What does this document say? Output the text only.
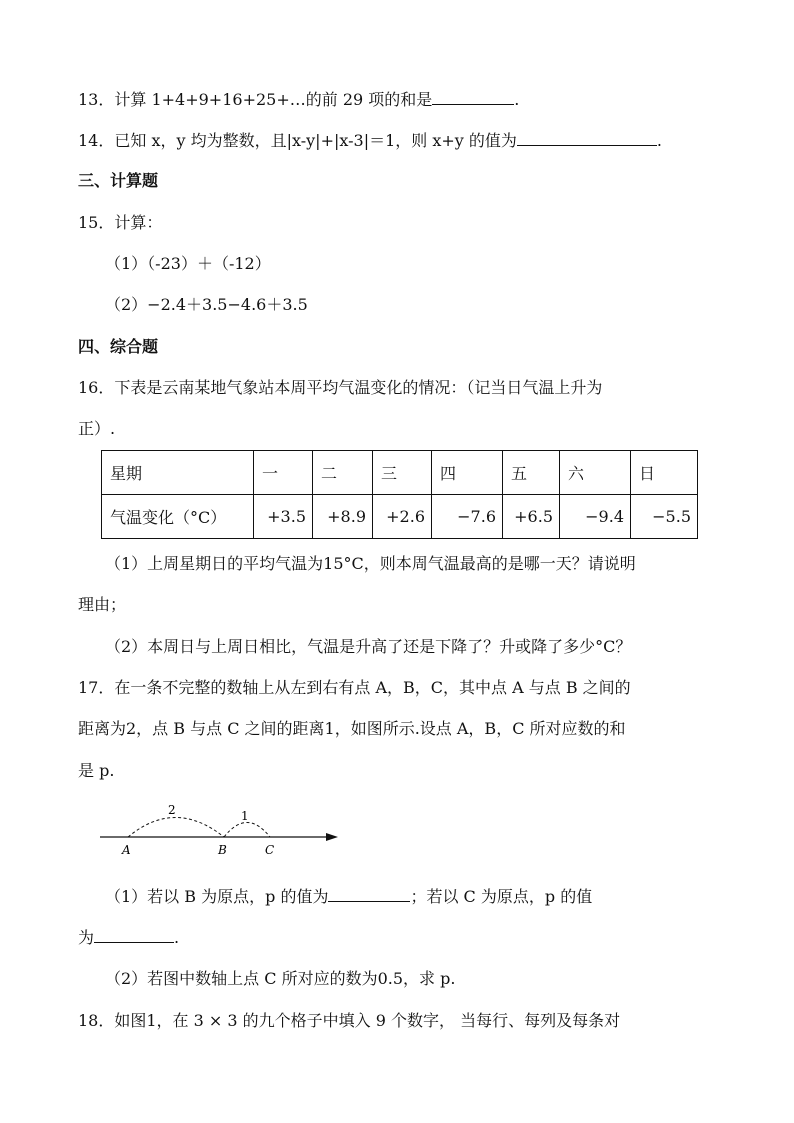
13．计算 1+4+9+16+25+…的前 29 项的和是	.
14．已知 x，y 均为整数，且|x-y|+|x-3|＝1，则 x+y 的值为	.
三、计算题
15．计算：
（1）（-23）＋（-12）
（2）−2.4＋3.5−4.6＋3.5
四、综合题
16．下表是云南某地气象站本周平均气温变化的情况：（记当日气温上升为
正）.
星期	一	二	三	四	五	六	日
气温变化（°C）	+3.5	+8.9	+2.6	−7.6	+6.5	−9.4	−5.5
（1）上周星期日的平均气温为15°C，则本周气温最高的是哪一天？请说明
理由；
（2）本周日与上周日相比，气温是升高了还是下降了？升或降了多少°C？
17．在一条不完整的数轴上从左到右有点 A，B，C，其中点 A 与点 B 之间的
距离为2，点 B 与点 C 之间的距离1，如图所示.设点 A，B，C 所对应数的和
是 p.
2	1
A	B	C
（1）若以 B 为原点，p 的值为	；若以 C 为原点，p 的值
为	.
（2）若图中数轴上点 C 所对应的数为0.5，求 p.
18．如图1，在 3 × 3 的九个格子中填入 9 个数字， 当每行、每列及每条对
